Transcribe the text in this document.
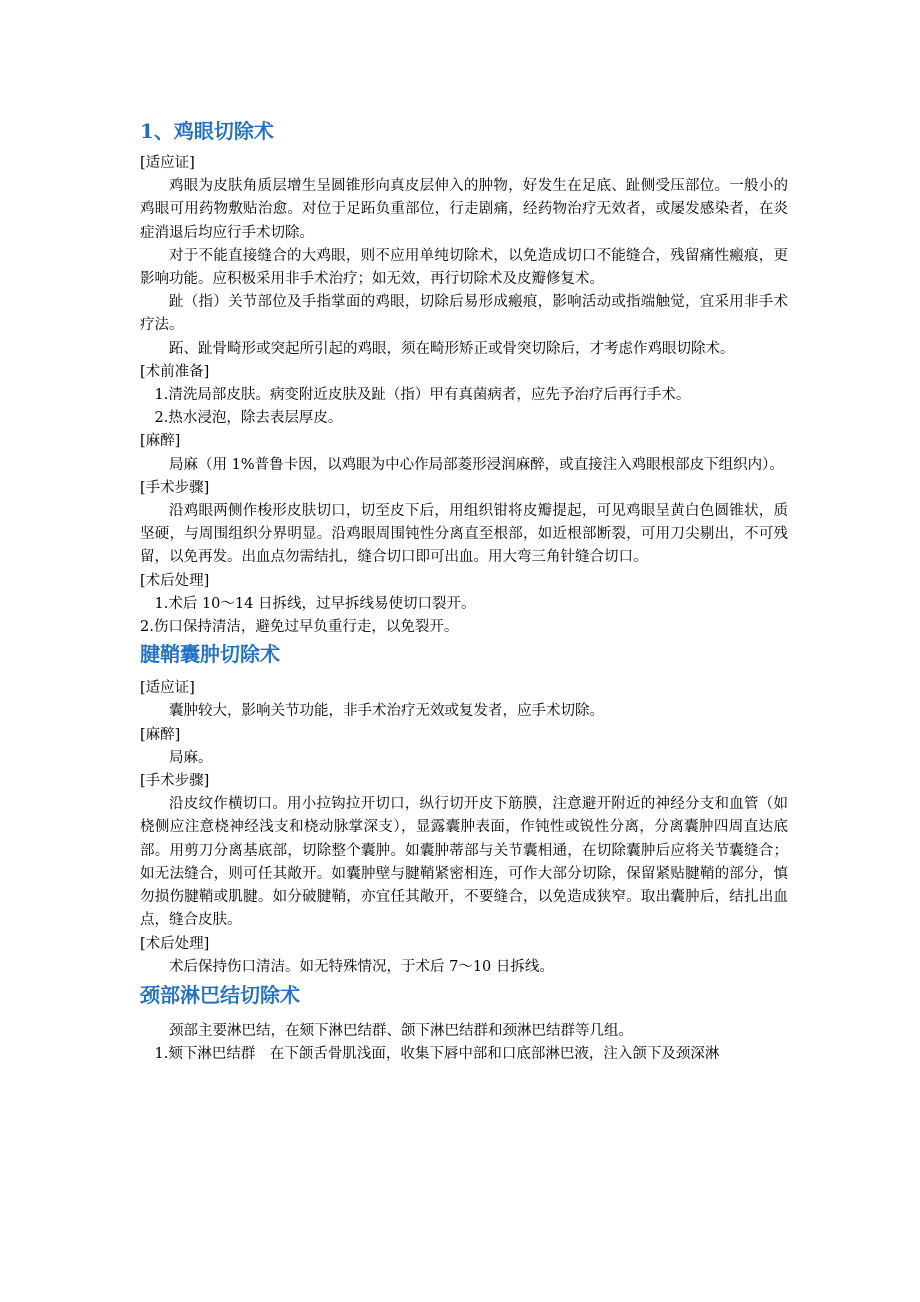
1、鸡眼切除术
[适应证]
鸡眼为皮肤角质层增生呈圆锥形向真皮层伸入的肿物，好发生在足底、趾侧受压部位。一般小的鸡眼可用药物敷贴治愈。对位于足跖负重部位，行走剧痛，经药物治疗无效者，或屡发感染者，在炎症消退后均应行手术切除。
对于不能直接缝合的大鸡眼，则不应用单纯切除术，以免造成切口不能缝合，残留痛性瘢痕，更影响功能。应积极采用非手术治疗；如无效，再行切除术及皮瓣修复术。
趾（指）关节部位及手指掌面的鸡眼，切除后易形成瘢痕，影响活动或指端触觉，宜采用非手术疗法。
跖、趾骨畸形或突起所引起的鸡眼，须在畸形矫正或骨突切除后，才考虑作鸡眼切除术。
[术前准备]
1.清洗局部皮肤。病变附近皮肤及趾（指）甲有真菌病者，应先予治疗后再行手术。
2.热水浸泡，除去表层厚皮。
[麻醉]
局麻（用 1%普鲁卡因，以鸡眼为中心作局部菱形浸润麻醉，或直接注入鸡眼根部皮下组织内）。
[手术步骤]
沿鸡眼两侧作梭形皮肤切口，切至皮下后，用组织钳将皮瓣提起，可见鸡眼呈黄白色圆锥状，质坚硬，与周围组织分界明显。沿鸡眼周围钝性分离直至根部，如近根部断裂，可用刀尖剔出，不可残留，以免再发。出血点勿需结扎，缝合切口即可出血。用大弯三角针缝合切口。
[术后处理]
1.术后 10～14 日拆线，过早拆线易使切口裂开。
2.伤口保持清洁，避免过早负重行走，以免裂开。
腱鞘囊肿切除术
[适应证]
囊肿较大，影响关节功能，非手术治疗无效或复发者，应手术切除。
[麻醉]
局麻。
[手术步骤]
沿皮纹作横切口。用小拉钩拉开切口，纵行切开皮下筋膜，注意避开附近的神经分支和血管（如桡侧应注意桡神经浅支和桡动脉掌深支），显露囊肿表面，作钝性或锐性分离，分离囊肿四周直达底部。用剪刀分离基底部，切除整个囊肿。如囊肿蒂部与关节囊相通，在切除囊肿后应将关节囊缝合；如无法缝合，则可任其敞开。如囊肿壁与腱鞘紧密相连，可作大部分切除，保留紧贴腱鞘的部分，慎勿损伤腱鞘或肌腱。如分破腱鞘，亦宜任其敞开，不要缝合，以免造成狭窄。取出囊肿后，结扎出血点，缝合皮肤。
[术后处理]
术后保持伤口清洁。如无特殊情况，于术后 7～10 日拆线。
颈部淋巴结切除术
颈部主要淋巴结，在颏下淋巴结群、颌下淋巴结群和颈淋巴结群等几组。
1.颏下淋巴结群　在下颌舌骨肌浅面，收集下唇中部和口底部淋巴液，注入颌下及颈深淋
